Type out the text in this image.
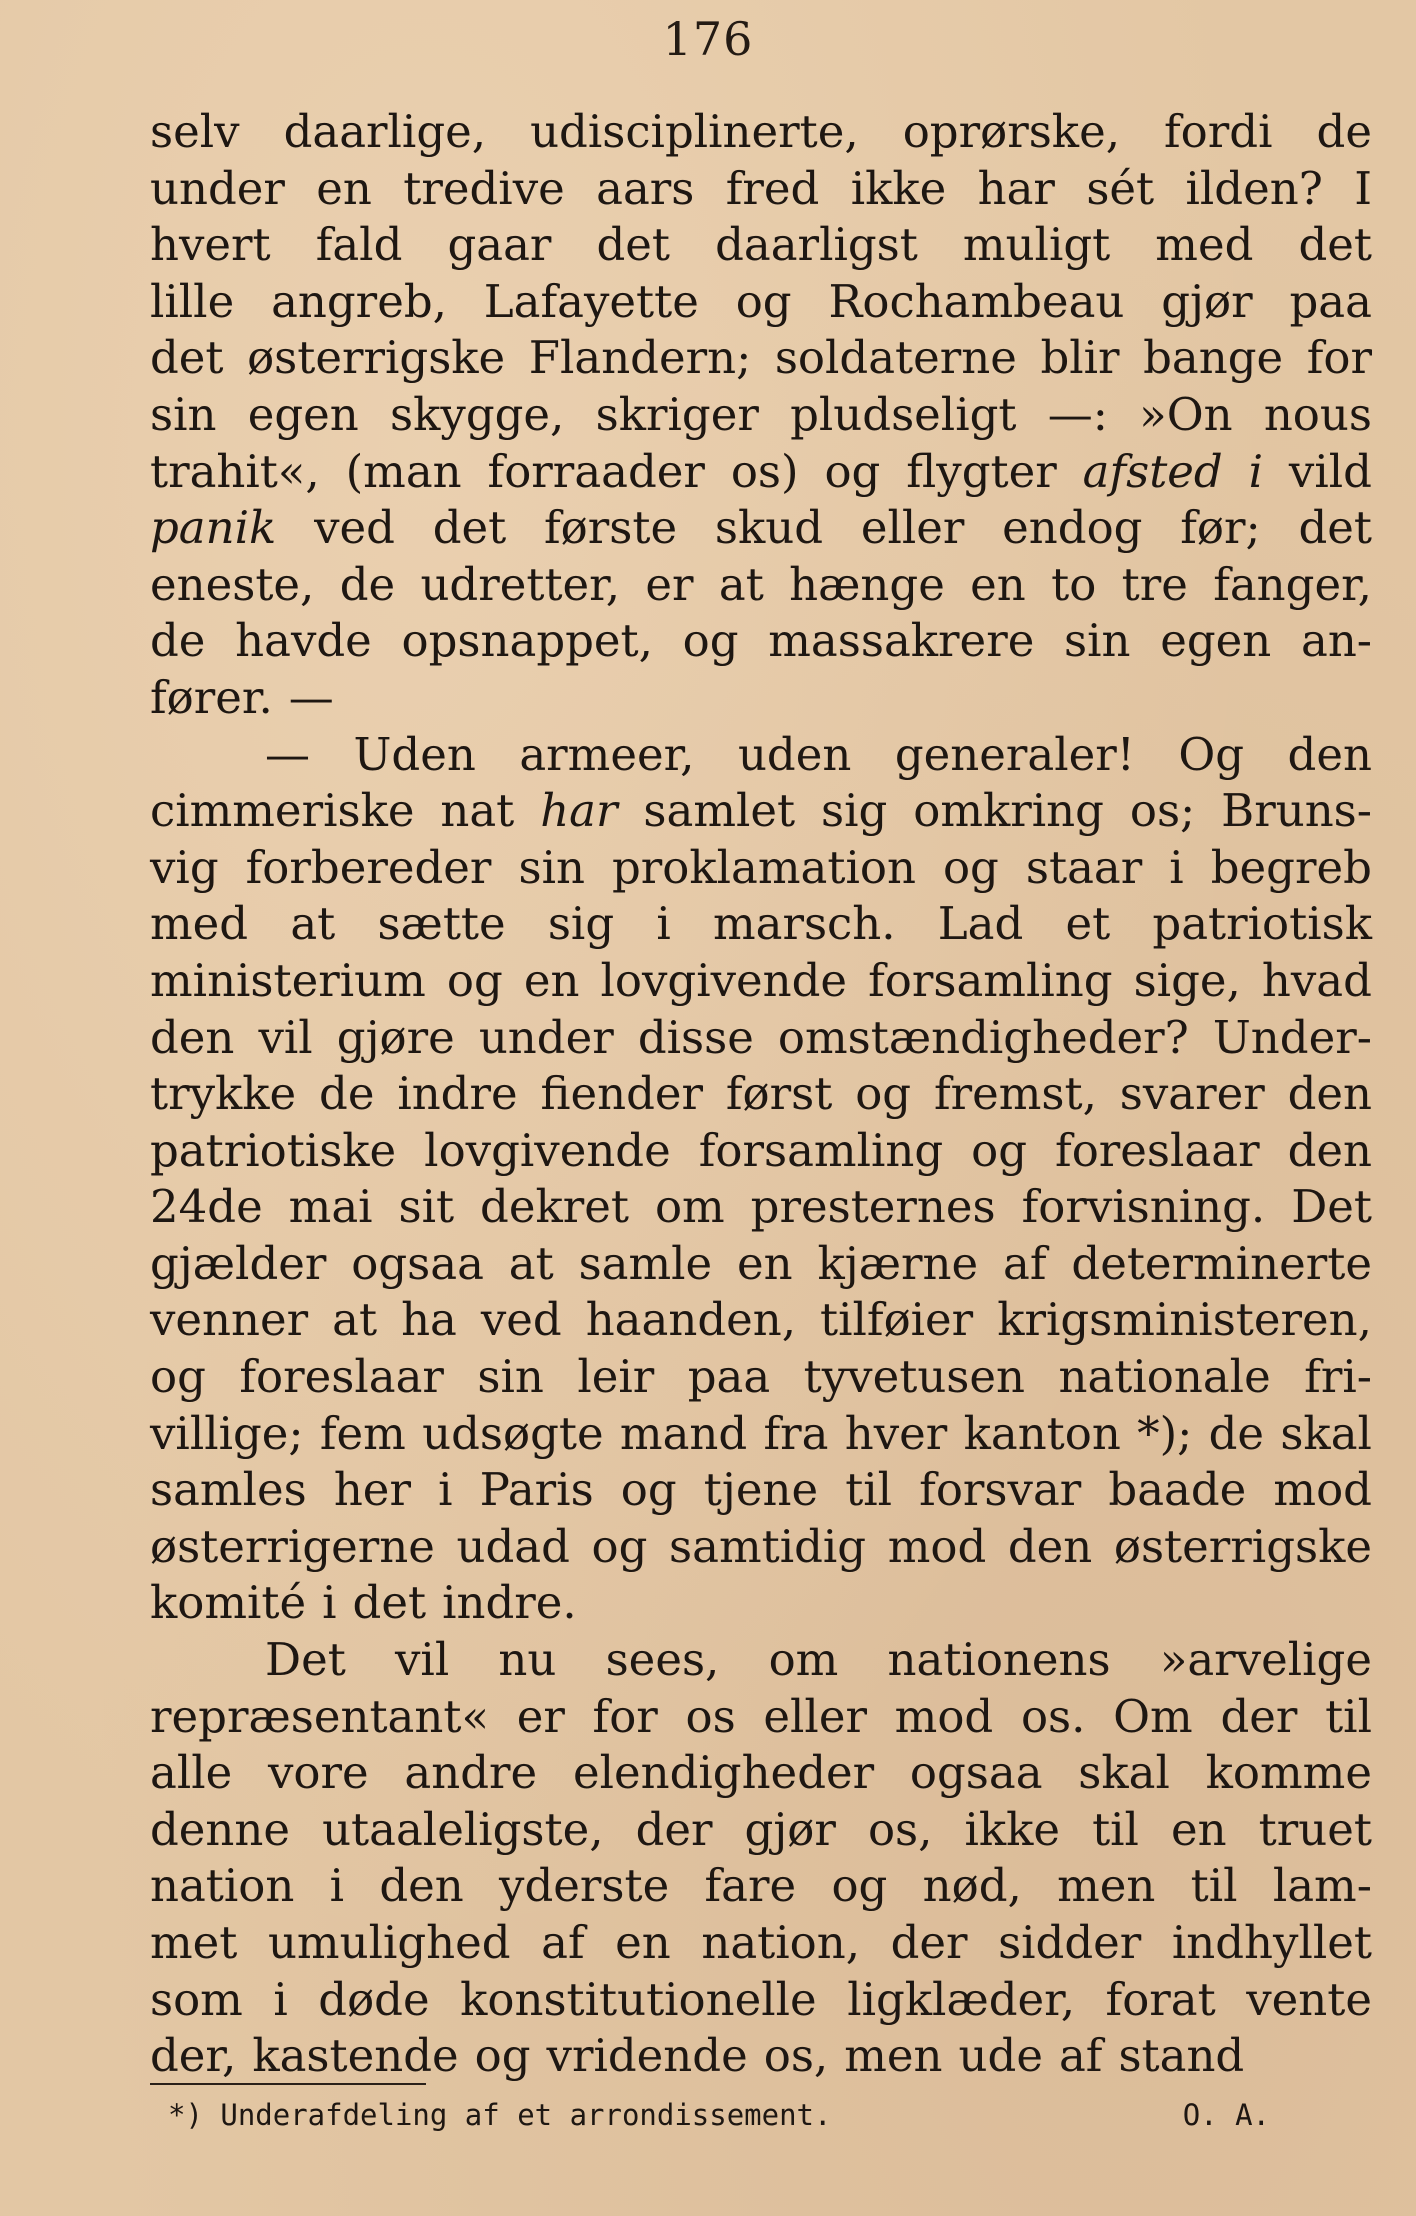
176
selv daarlige, udisciplinerte, oprørske, fordi de
under en tredive aars fred ikke har sét ilden? I
hvert fald gaar det daarligst muligt med det
lille angreb, Lafayette og Rochambeau gjør paa
det østerrigske Flandern; soldaterne blir bange for
sin egen skygge, skriger pludseligt —: »On nous
trahit«, (man forraader os) og flygter afsted i vild
panik ved det første skud eller endog før; det
eneste, de udretter, er at hænge en to tre fanger,
de havde opsnappet, og massakrere sin egen an-
fører. —
— Uden armeer, uden generaler! Og den
cimmeriske nat har samlet sig omkring os; Bruns-
vig forbereder sin proklamation og staar i begreb
med at sætte sig i marsch. Lad et patriotisk
ministerium og en lovgivende forsamling sige, hvad
den vil gjøre under disse omstændigheder? Under-
trykke de indre fiender først og fremst, svarer den
patriotiske lovgivende forsamling og foreslaar den
24de mai sit dekret om presternes forvisning. Det
gjælder ogsaa at samle en kjærne af determinerte
venner at ha ved haanden, tilføier krigsministeren,
og foreslaar sin leir paa tyvetusen nationale fri-
villige; fem udsøgte mand fra hver kanton *); de skal
samles her i Paris og tjene til forsvar baade mod
østerrigerne udad og samtidig mod den østerrigske
komité i det indre.
Det vil nu sees, om nationens »arvelige
repræsentant« er for os eller mod os. Om der til
alle vore andre elendigheder ogsaa skal komme
denne utaaleligste, der gjør os, ikke til en truet
nation i den yderste fare og nød, men til lam-
met umulighed af en nation, der sidder indhyllet
som i døde konstitutionelle ligklæder, forat vente
der, kastende og vridende os, men ude af stand
*) Underafdeling af et arrondissement.	O. A.
